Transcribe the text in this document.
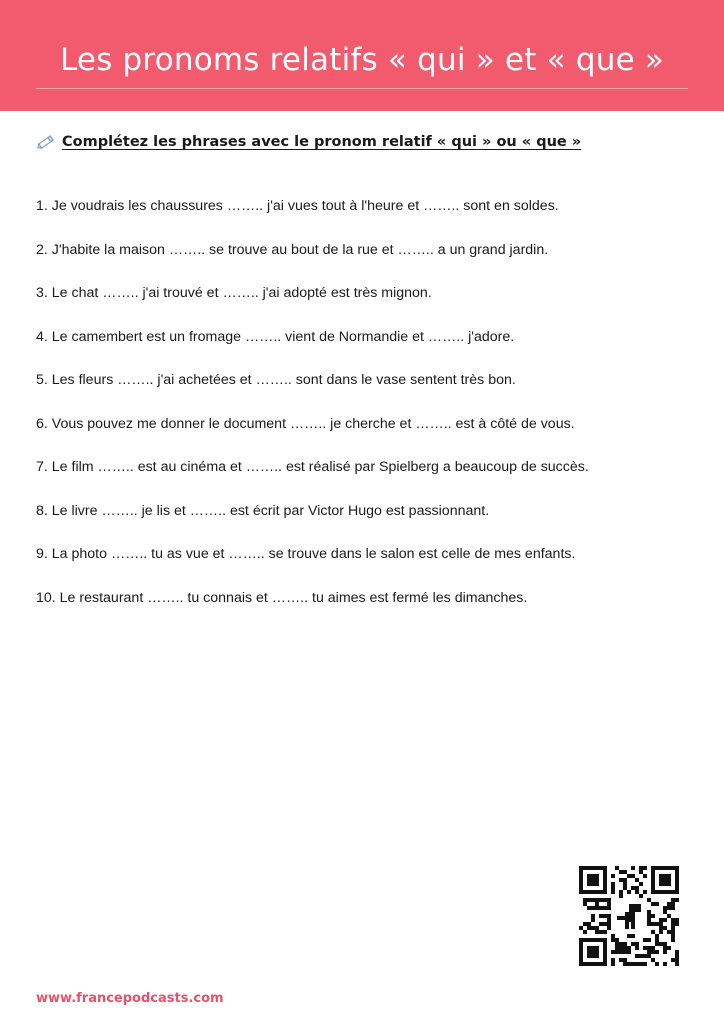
Les pronoms relatifs « qui » et « que »
Complétez les phrases avec le pronom relatif « qui » ou « que »
1. Je voudrais les chaussures …….. j'ai vues tout à l'heure et …….. sont en soldes.
2. J'habite la maison …….. se trouve au bout de la rue et …….. a un grand jardin.
3. Le chat …….. j'ai trouvé et …….. j'ai adopté est très mignon.
4. Le camembert est un fromage …….. vient de Normandie et …….. j'adore.
5. Les fleurs …….. j'ai achetées et …….. sont dans le vase sentent très bon.
6. Vous pouvez me donner le document …….. je cherche et …….. est à côté de vous.
7. Le film …….. est au cinéma et …….. est réalisé par Spielberg a beaucoup de succès.
8. Le livre …….. je lis et …….. est écrit par Victor Hugo est passionnant.
9. La photo …….. tu as vue et …….. se trouve dans le salon est celle de mes enfants.
10. Le restaurant …….. tu connais et …….. tu aimes est fermé les dimanches.
www.francepodcasts.com
